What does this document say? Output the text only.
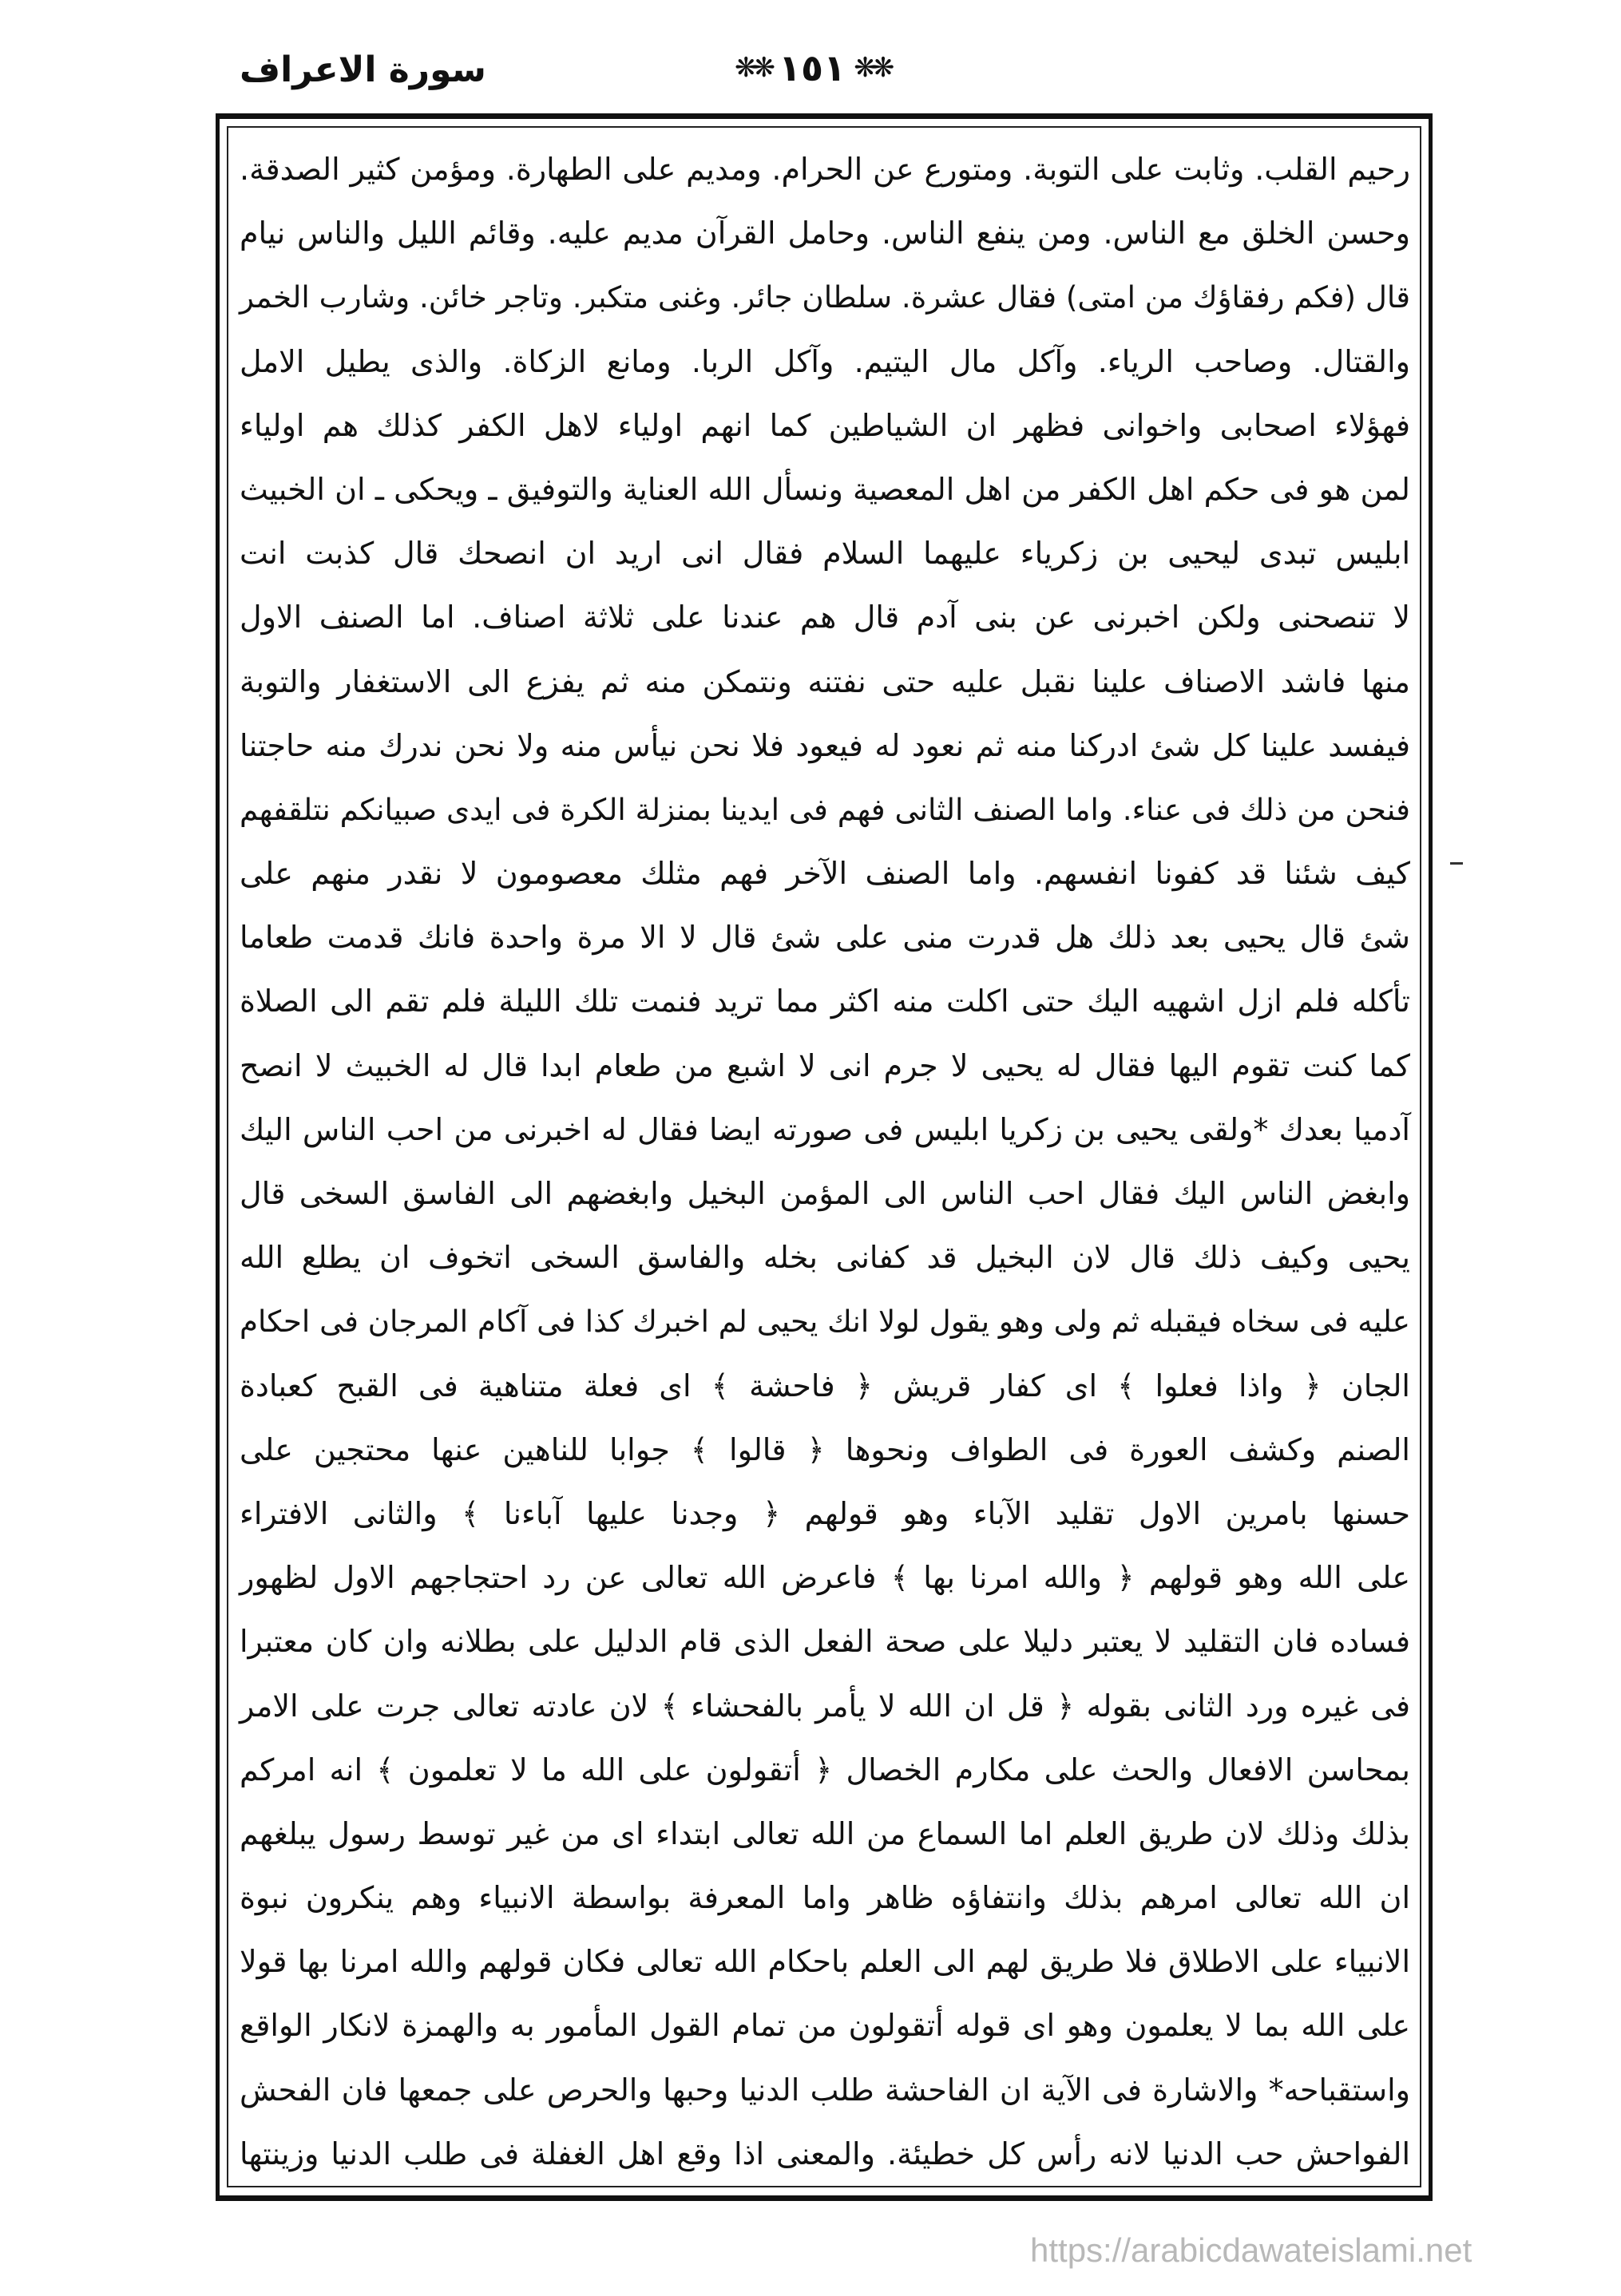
سورة الاعراف	❋❋
١٥١
❋❋
رحيم القلب. وثابت على التوبة. ومتورع عن الحرام. ومديم على الطهارة. ومؤمن كثير الصدقة.
وحسن الخلق مع الناس. ومن ينفع الناس. وحامل القرآن مديم عليه. وقائم الليل والناس نيام
قال (فكم رفقاؤك من امتى) فقال عشرة. سلطان جائر. وغنى متكبر. وتاجر خائن. وشارب الخمر
والقتال. وصاحب الرياء. وآكل مال اليتيم. وآكل الربا. ومانع الزكاة. والذى يطيل الامل
فهؤلاء اصحابى واخوانى فظهر ان الشياطين كما انهم اولياء لاهل الكفر كذلك هم اولياء
لمن هو فى حكم اهل الكفر من اهل المعصية ونسأل الله العناية والتوفيق ـ ويحكى ـ ان الخبيث
ابليس تبدى ليحيى بن زكرياء عليهما السلام فقال انى اريد ان انصحك قال كذبت انت
لا تنصحنى ولكن اخبرنى عن بنى آدم قال هم عندنا على ثلاثة اصناف. اما الصنف الاول
منها فاشد الاصناف علينا نقبل عليه حتى نفتنه ونتمكن منه ثم يفزع الى الاستغفار والتوبة
فيفسد علينا كل شئ ادركنا منه ثم نعود له فيعود فلا نحن نيأس منه ولا نحن ندرك منه حاجتنا
فنحن من ذلك فى عناء. واما الصنف الثانى فهم فى ايدينا بمنزلة الكرة فى ايدى صبيانكم نتلقفهم
كيف شئنا قد كفونا انفسهم. واما الصنف الآخر فهم مثلك معصومون لا نقدر منهم على
شئ قال يحيى بعد ذلك هل قدرت منى على شئ قال لا الا مرة واحدة فانك قدمت طعاما
تأكله فلم ازل اشهيه اليك حتى اكلت منه اكثر مما تريد فنمت تلك الليلة فلم تقم الى الصلاة
كما كنت تقوم اليها فقال له يحيى لا جرم انى لا اشبع من طعام ابدا قال له الخبيث لا انصح
آدميا بعدك *ولقى يحيى بن زكريا ابليس فى صورته ايضا فقال له اخبرنى من احب الناس اليك
وابغض الناس اليك فقال احب الناس الى المؤمن البخيل وابغضهم الى الفاسق السخى قال
يحيى وكيف ذلك قال لان البخيل قد كفانى بخله والفاسق السخى اتخوف ان يطلع الله
عليه فى سخاه فيقبله ثم ولى وهو يقول لولا انك يحيى لم اخبرك كذا فى آكام المرجان فى احكام
الجان ﴿ واذا فعلوا ﴾ اى كفار قريش ﴿ فاحشة ﴾ اى فعلة متناهية فى القبح كعبادة
الصنم وكشف العورة فى الطواف ونحوها ﴿ قالوا ﴾ جوابا للناهين عنها محتجين على
حسنها بامرين الاول تقليد الآباء وهو قولهم ﴿ وجدنا عليها آباءنا ﴾ والثانى الافتراء
على الله وهو قولهم ﴿ والله امرنا بها ﴾ فاعرض الله تعالى عن رد احتجاجهم الاول لظهور
فساده فان التقليد لا يعتبر دليلا على صحة الفعل الذى قام الدليل على بطلانه وان كان معتبرا
فى غيره ورد الثانى بقوله ﴿ قل ان الله لا يأمر بالفحشاء ﴾ لان عادته تعالى جرت على الامر
بمحاسن الافعال والحث على مكارم الخصال ﴿ أتقولون على الله ما لا تعلمون ﴾ انه امركم
بذلك وذلك لان طريق العلم اما السماع من الله تعالى ابتداء اى من غير توسط رسول يبلغهم
ان الله تعالى امرهم بذلك وانتفاؤه ظاهر واما المعرفة بواسطة الانبياء وهم ينكرون نبوة
الانبياء على الاطلاق فلا طريق لهم الى العلم باحكام الله تعالى فكان قولهم والله امرنا بها قولا
على الله بما لا يعلمون وهو اى قوله أتقولون من تمام القول المأمور به والهمزة لانكار الواقع
واستقباحه* والاشارة فى الآية ان الفاحشة طلب الدنيا وحبها والحرص على جمعها فان الفحش
الفواحش حب الدنيا لانه رأس كل خطيئة. والمعنى اذا وقع اهل الغفلة فى طلب الدنيا وزينتها
https://arabicdawateislami.net
